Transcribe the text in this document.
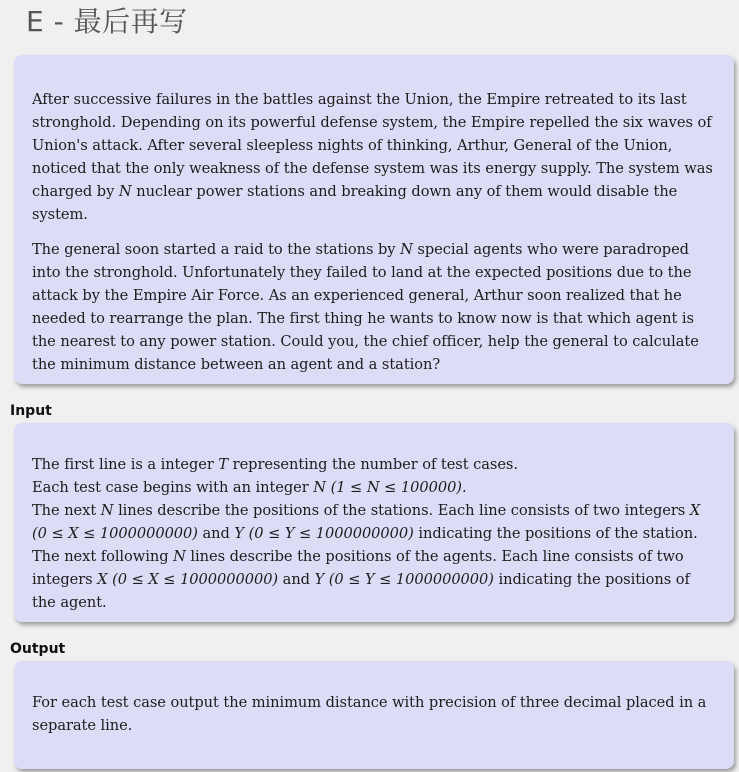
E - 最后再写

After successive failures in the battles against the Union, the Empire retreated to its last stronghold. Depending on its powerful defense system, the Empire repelled the six waves of Union's attack. After several sleepless nights of thinking, Arthur, General of the Union, noticed that the only weakness of the defense system was its energy supply. The system was charged by N nuclear power stations and breaking down any of them would disable the system.

The general soon started a raid to the stations by N special agents who were paradroped into the stronghold. Unfortunately they failed to land at the expected positions due to the attack by the Empire Air Force. As an experienced general, Arthur soon realized that he needed to rearrange the plan. The first thing he wants to know now is that which agent is the nearest to any power station. Could you, the chief officer, help the general to calculate the minimum distance between an agent and a station?

Input

The first line is a integer T representing the number of test cases.
Each test case begins with an integer N (1 ≤ N ≤ 100000).
The next N lines describe the positions of the stations. Each line consists of two integers X (0 ≤ X ≤ 1000000000) and Y (0 ≤ Y ≤ 1000000000) indicating the positions of the station.
The next following N lines describe the positions of the agents. Each line consists of two integers X (0 ≤ X ≤ 1000000000) and Y (0 ≤ Y ≤ 1000000000) indicating the positions of the agent.

Output

For each test case output the minimum distance with precision of three decimal placed in a separate line.
